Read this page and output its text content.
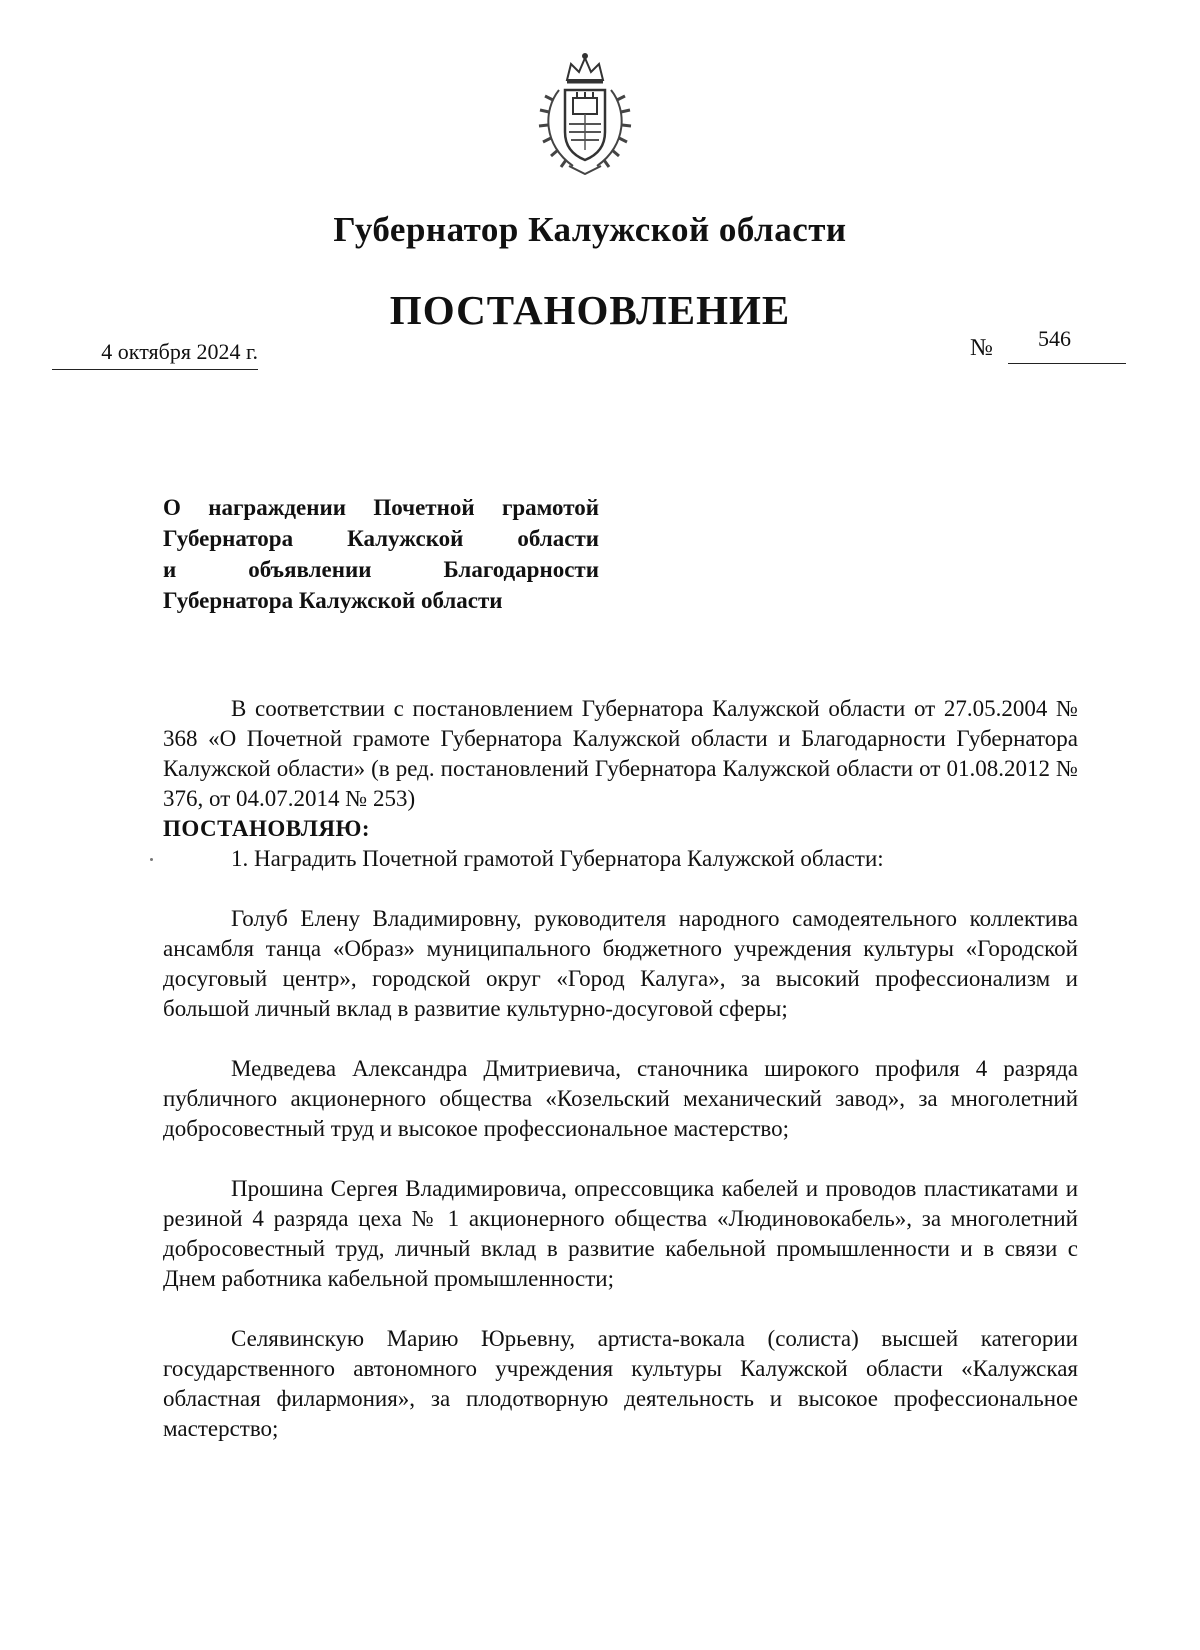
Губернатор Калужской области
ПОСТАНОВЛЕНИЕ
4 октября 2024 г.	№ 546
О награждении Почетной грамотой
Губернатора Калужской области
и объявлении Благодарности
Губернатора Калужской области

В соответствии с постановлением Губернатора Калужской области от 27.05.2004 № 368 «О Почетной грамоте Губернатора Калужской области и Благодарности Губернатора Калужской области» (в ред. постановлений Губернатора Калужской области от 01.08.2012 № 376, от 04.07.2014 № 253)

ПОСТАНОВЛЯЮ:

1. Наградить Почетной грамотой Губернатора Калужской области:

Голуб Елену Владимировну, руководителя народного самодеятельного коллектива ансамбля танца «Образ» муниципального бюджетного учреждения культуры «Городской досуговый центр», городской округ «Город Калуга», за высокий профессионализм и большой личный вклад в развитие культурно-досуговой сферы;

Медведева Александра Дмитриевича, станочника широкого профиля 4 разряда публичного акционерного общества «Козельский механический завод», за многолетний добросовестный труд и высокое профессиональное мастерство;

Прошина Сергея Владимировича, опрессовщика кабелей и проводов пластикатами и резиной 4 разряда цеха № 1 акционерного общества «Людиновокабель», за многолетний добросовестный труд, личный вклад в развитие кабельной промышленности и в связи с Днем работника кабельной промышленности;

Селявинскую Марию Юрьевну, артиста-вокала (солиста) высшей категории государственного автономного учреждения культуры Калужской области «Калужская областная филармония», за плодотворную деятельность и высокое профессиональное мастерство;
